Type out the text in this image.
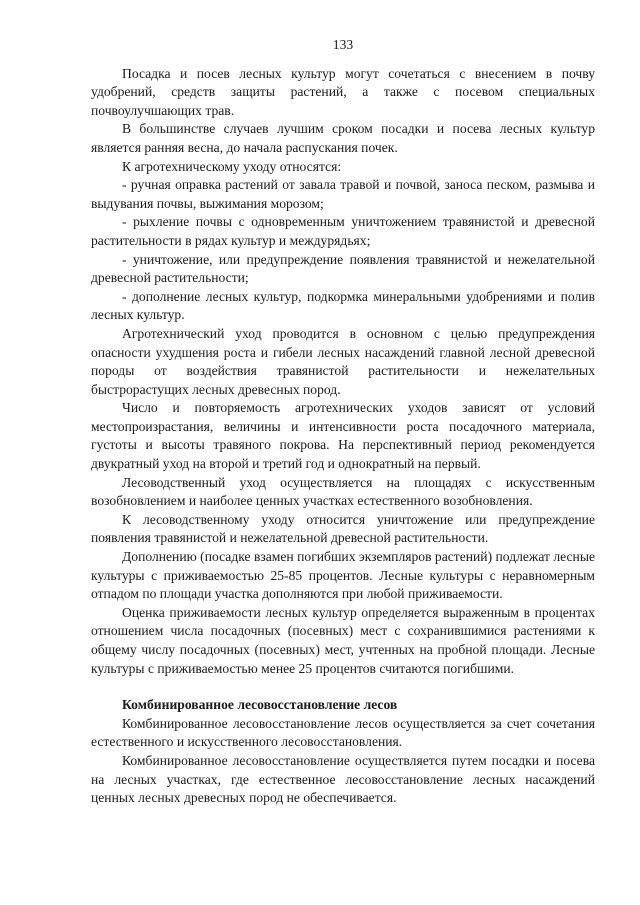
133

Посадка и посев лесных культур могут сочетаться с внесением в почву удобрений, средств защиты растений, а также с посевом специальных почвоулучшающих трав.

В большинстве случаев лучшим сроком посадки и посева лесных культур является ранняя весна, до начала распускания почек.

К агротехническому уходу относятся:

- ручная оправка растений от завала травой и почвой, заноса песком, размыва и выдувания почвы, выжимания морозом;

- рыхление почвы с одновременным уничтожением травянистой и древесной растительности в рядах культур и междурядьях;

- уничтожение, или предупреждение появления травянистой и нежелательной древесной растительности;

- дополнение лесных культур, подкормка минеральными удобрениями и полив лесных культур.

Агротехнический уход проводится в основном с целью предупреждения опасности ухудшения роста и гибели лесных насаждений главной лесной древесной породы от воздействия травянистой растительности и нежелательных быстрорастущих лесных древесных пород.

Число и повторяемость агротехнических уходов зависят от условий местопроизрастания, величины и интенсивности роста посадочного материала, густоты и высоты травяного покрова. На перспективный период рекомендуется двукратный уход на второй и третий год и однократный на первый.

Лесоводственный уход осуществляется на площадях с искусственным возобновлением и наиболее ценных участках естественного возобновления.

К лесоводственному уходу относится уничтожение или предупреждение появления травянистой и нежелательной древесной растительности.

Дополнению (посадке взамен погибших экземпляров растений) подлежат лесные культуры с приживаемостью 25-85 процентов. Лесные культуры с неравномерным отпадом по площади участка дополняются при любой приживаемости.

Оценка приживаемости лесных культур определяется выраженным в процентах отношением числа посадочных (посевных) мест с сохранившимися растениями к общему числу посадочных (посевных) мест, учтенных на пробной площади. Лесные культуры с приживаемостью менее 25 процентов считаются погибшими.

Комбинированное лесовосстановление лесов

Комбинированное лесовосстановление лесов осуществляется за счет сочетания естественного и искусственного лесовосстановления.

Комбинированное лесовосстановление осуществляется путем посадки и посева на лесных участках, где естественное лесовосстановление лесных насаждений ценных лесных древесных пород не обеспечивается.
